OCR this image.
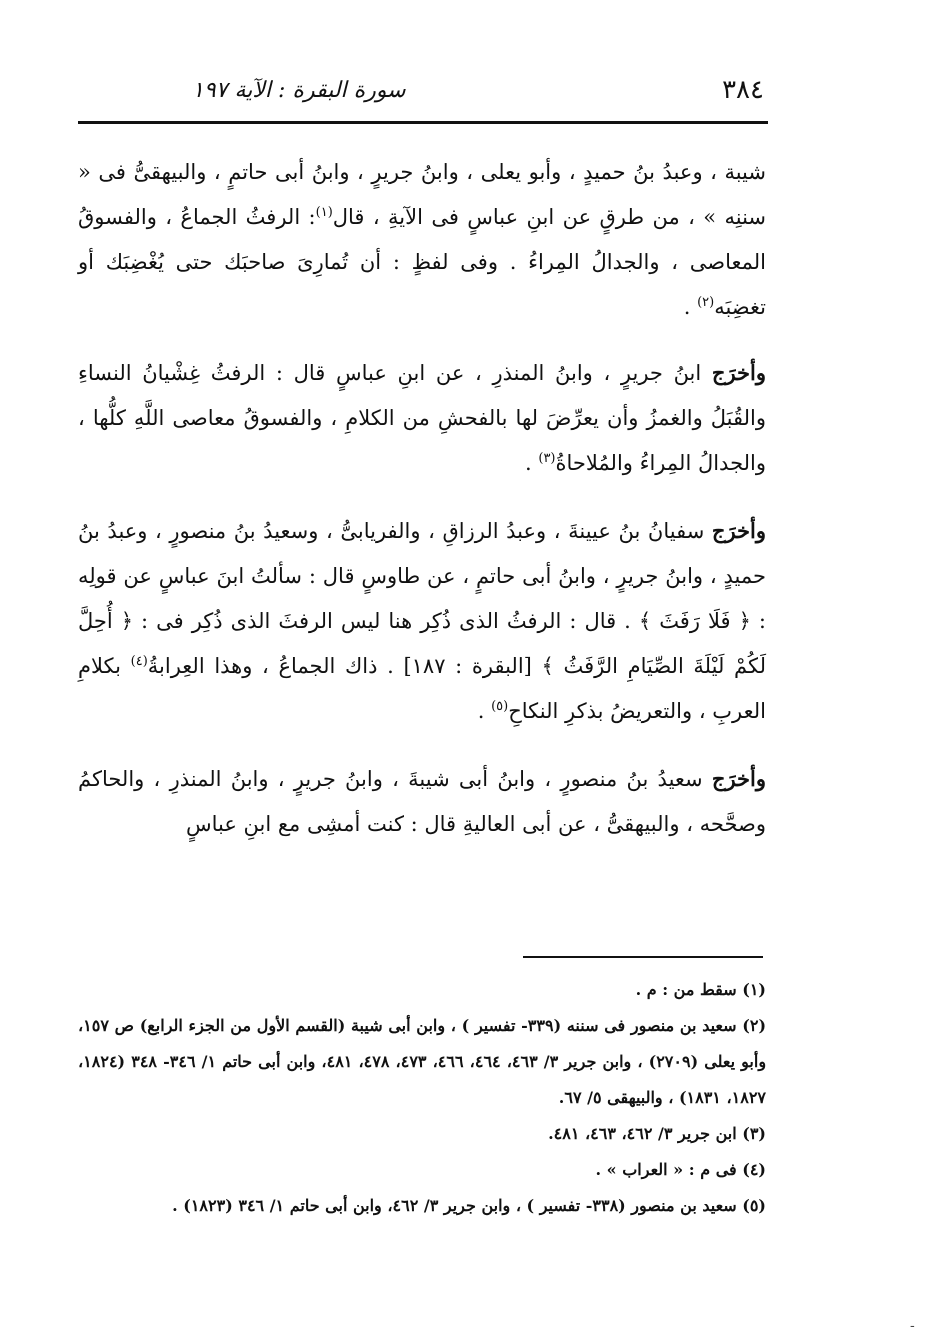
٣٨٤
سورة البقرة : الآية ١٩٧

شيبة ، وعبدُ بنُ حميدٍ ، وأبو يعلى ، وابنُ جريرٍ ، وابنُ أبى حاتمٍ ، والبيهقىُّ فى « سننِه » ، من طرقٍ عن ابنِ عباسٍ فى الآيةِ ، قال$^{(١)}$: الرفثُ الجماعُ ، والفسوقُ المعاصى ، والجدالُ المِراءُ . وفى لفظٍ : أن تُمارِىَ صاحبَك حتى يُغْضِبَك أو تغضِبَه$^{(٢)}$ .

وأخرَج ابنُ جريرٍ ، وابنُ المنذرِ ، عن ابنِ عباسٍ قال : الرفثُ غِشْيانُ النساءِ والقُبَلُ والغمزُ وأن يعرِّضَ لها بالفحشِ من الكلامِ ، والفسوقُ معاصى اللَّهِ كلُّها ، والجدالُ المِراءُ والمُلاحاةُ$^{(٣)}$ .

وأخرَج سفيانُ بنُ عيينةَ ، وعبدُ الرزاقِ ، والفريابىُّ ، وسعيدُ بنُ منصورٍ ، وعبدُ بنُ حميدٍ ، وابنُ جريرٍ ، وابنُ أبى حاتمٍ ، عن طاوسٍ قال : سألتُ ابنَ عباسٍ عن قولِه : ﴿ فَلَا رَفَثَ ﴾ . قال : الرفثُ الذى ذُكِر هنا ليس الرفثَ الذى ذُكِر فى : ﴿ أُحِلَّ لَكُمْ لَيْلَةَ الصِّيَامِ الرَّفَثُ ﴾ [البقرة : ١٨٧] . ذاك الجماعُ ، وهذا العِرابةُ$^{(٤)}$ بكلامِ العربِ ، والتعريضُ بذكرِ النكاحِ$^{(٥)}$ .

وأخرَج سعيدُ بنُ منصورٍ ، وابنُ أبى شيبةَ ، وابنُ جريرٍ ، وابنُ المنذرِ ، والحاكمُ وصحَّحه ، والبيهقىُّ ، عن أبى العاليةِ قال : كنت أمشِى مع ابنِ عباسٍ

(١) سقط من : م .

(٢) سعيد بن منصور فى سننه (٣٣٩- تفسير ) ، وابن أبى شيبة (القسم الأول من الجزء الرابع) ص ١٥٧، وأبو يعلى (٢٧٠٩) ، وابن جرير ٣/ ٤٦٣، ٤٦٤، ٤٦٦، ٤٧٣، ٤٧٨، ٤٨١، وابن أبى حاتم ١/ ٣٤٦- ٣٤٨ (١٨٢٤، ١٨٢٧، ١٨٣١) ، والبيهقى ٥/ ٦٧.

(٣) ابن جرير ٣/ ٤٦٢، ٤٦٣، ٤٨١.

(٤) فى م : « العراب » .

(٥) سعيد بن منصور (٣٣٨- تفسير ) ، وابن جرير ٣/ ٤٦٢، وابن أبى حاتم ١/ ٣٤٦ (١٨٢٣) .

-
